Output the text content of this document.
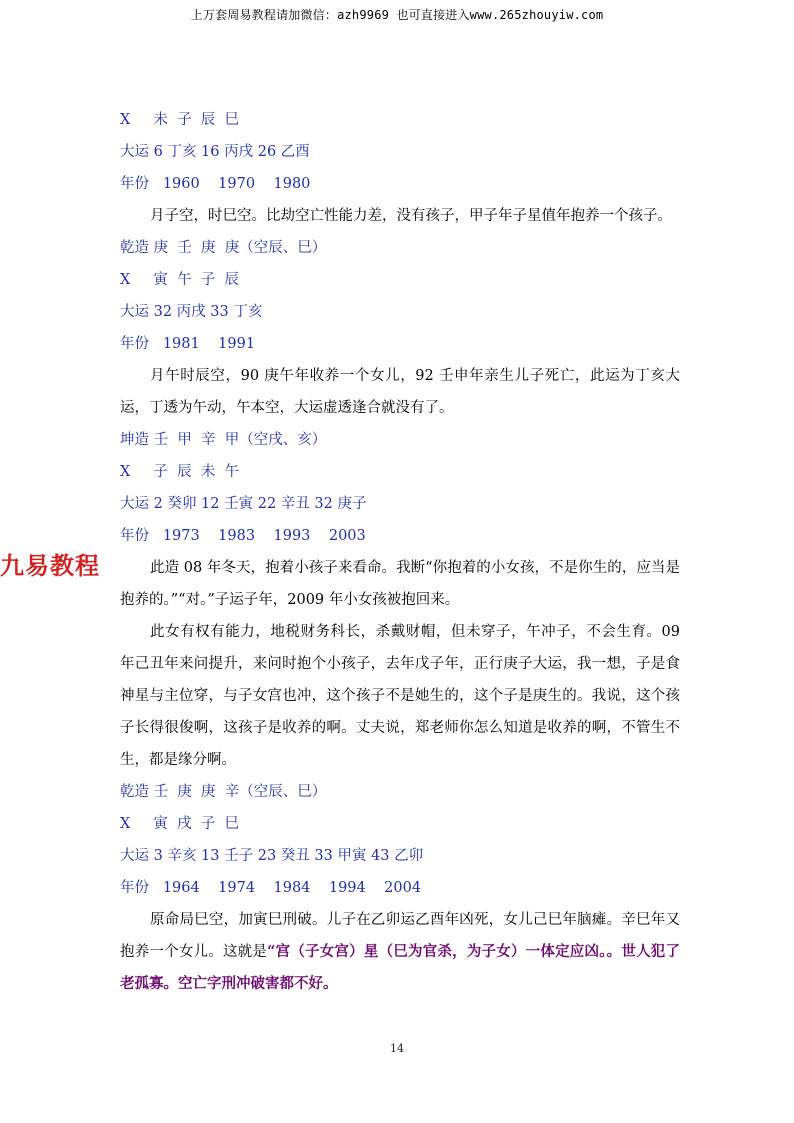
上万套周易教程请加微信：azh9969 也可直接进入www.265zhouyiw.com
九易教程
X     未  子  辰  巳
大运 6 丁亥 16 丙戌 26 乙酉
年份   1960    1970    1980

月子空，时巳空。比劫空亡性能力差，没有孩子，甲子年子星值年抱养一个孩子。

乾造 庚  壬  庚  庚（空辰、巳）
X     寅  午  子  辰
大运 32 丙戌 33 丁亥
年份   1981    1991

月午时辰空，90 庚午年收养一个女儿，92 壬申年亲生儿子死亡，此运为丁亥大运，丁透为午动，午本空，大运虚透逢合就没有了。

坤造 壬  甲  辛  甲（空戌、亥）
X     子  辰  未  午
大运 2 癸卯 12 壬寅 22 辛丑 32 庚子
年份   1973    1983    1993    2003

此造 08 年冬天，抱着小孩子来看命。我断“你抱着的小女孩，不是你生的，应当是抱养的。”“对。”子运子年，2009 年小女孩被抱回来。

此女有权有能力，地税财务科长，杀戴财帽，但未穿子，午冲子，不会生育。09 年己丑年来问提升，来问时抱个小孩子，去年戊子年，正行庚子大运，我一想，子是食神星与主位穿，与子女宫也冲，这个孩子不是她生的，这个子是庚生的。我说，这个孩子长得很俊啊，这孩子是收养的啊。丈夫说，郑老师你怎么知道是收养的啊，不管生不生，都是缘分啊。

乾造 壬  庚  庚  辛（空辰、巳）
X     寅  戌  子  巳
大运 3 辛亥 13 壬子 23 癸丑 33 甲寅 43 乙卯
年份   1964    1974    1984    1994    2004

原命局巳空，加寅巳刑破。儿子在乙卯运乙酉年凶死，女儿己巳年脑瘫。辛巳年又抱养一个女儿。这就是“宫（子女宫）星（巳为官杀，为子女）一体定应凶。。世人犯了老孤寡。空亡字刑冲破害都不好。

14
